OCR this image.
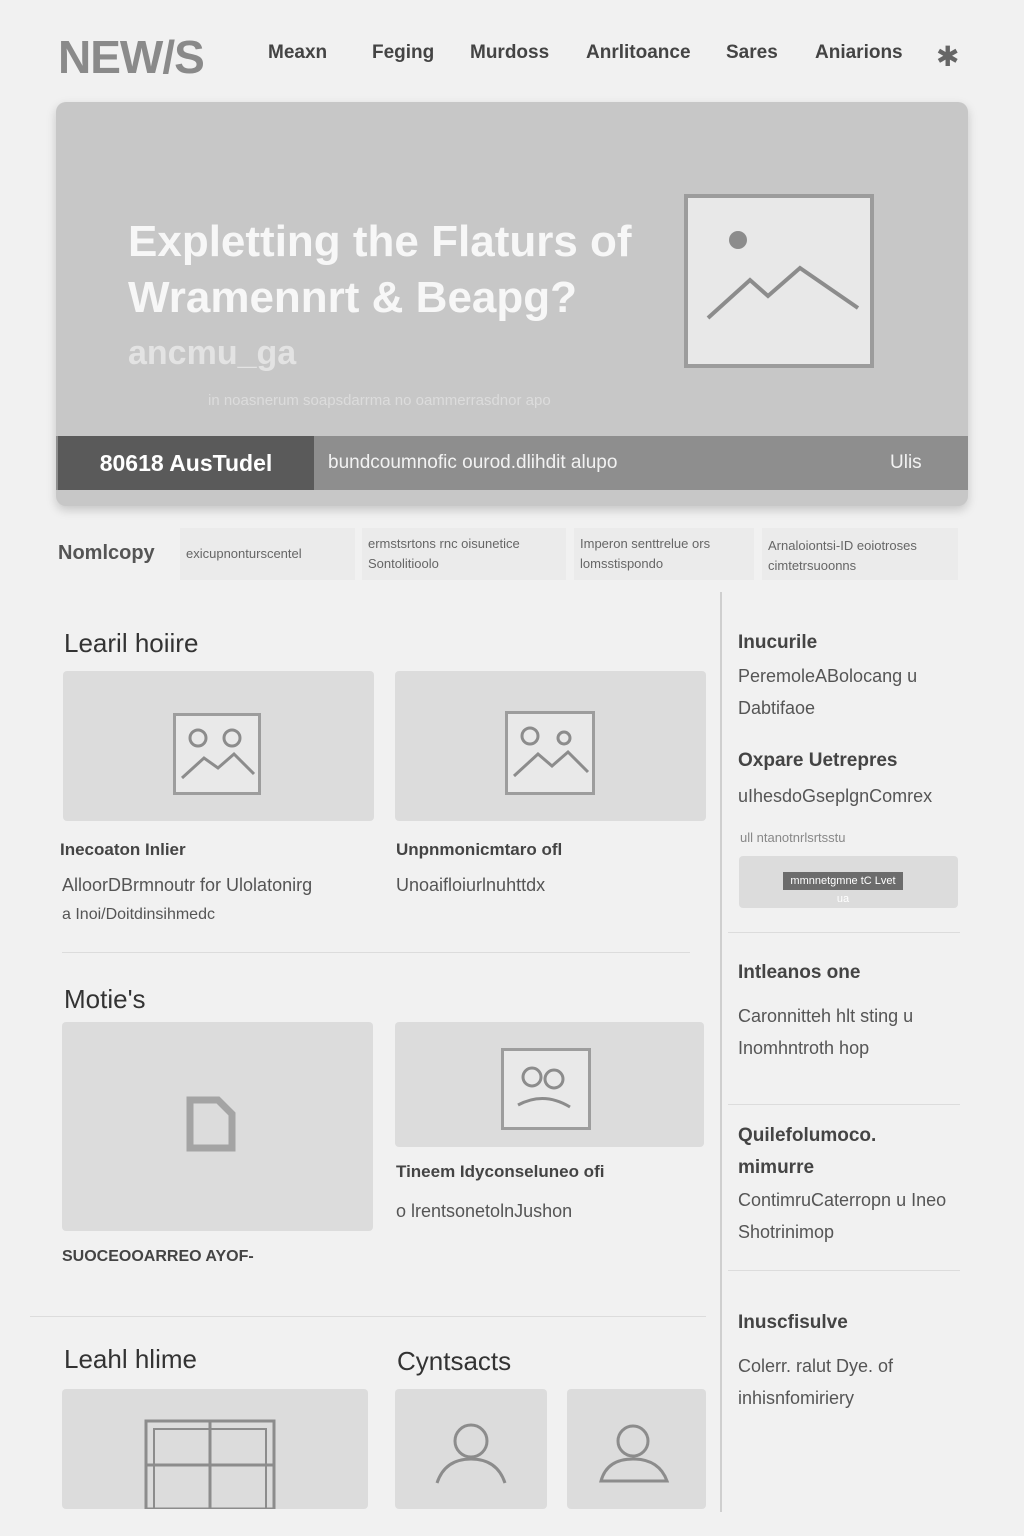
NEW/S	Meaxn Feging Murdoss Anrlitoance Sares Aniarions ✱
Expletting the Flaturs of Wramennrt & Beapg?
ancmu_ga
in noasnerum soapsdarrma no oammerrasdnor apo
80618 AusTudel	bundcoumnofic ourod.dlihdit alupo	Ulis
Nomlcopy exicupnonturscentel
ermstsrtons rnc oisunetice
Sontolitioolo
Imperon senttrelue ors
lomsstispondo
Arnaloiontsi-ID eoiotroses
cimtetrsuoonns
Learil hoiire
Inecoaton Inlier
AlloorDBrmnoutr for Ulolatonirg
a Inoi/Doitdinsihmedc
Unpnmonicmtaro ofl
Unoaifloiurlnuhttdx
Motie's
SUOCEOOARREO AYOF-
Tineem Idyconseluneo ofi
o lrentsonetolnJushon
Leahl hlime	Cyntsacts
Inucurile
PeremoleABolocang u Dabtifaoe
Oxpare Uetrepres
uIhesdoGseplgnComrex
ull ntanotnrlsrtsstu
mmnnetgmne tC Lvet ua
Intleanos one
Caronnitteh hlt sting u Inomhntroth hop
Quilefolumoco. mimurre
ContimruCaterropn u Ineo Shotrinimop
Inuscfisulve
Colerr. ralut Dye. of inhisnfomiriery
